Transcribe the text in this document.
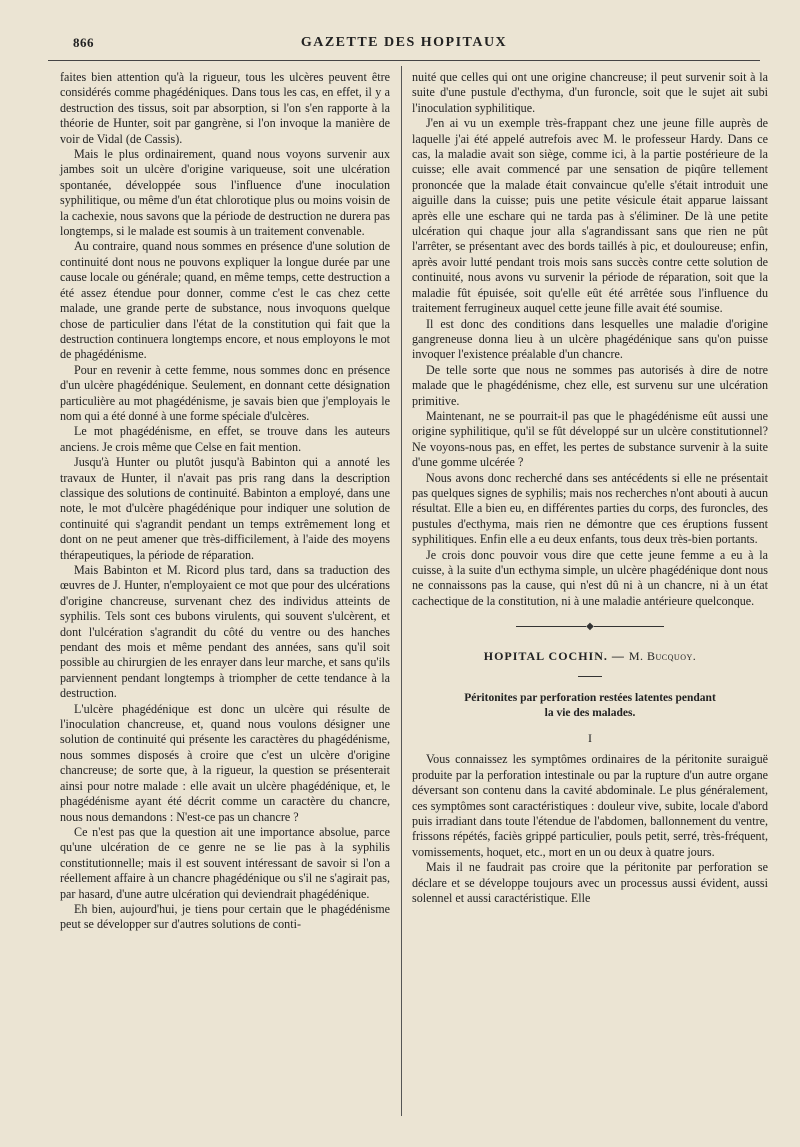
866	GAZETTE DES HOPITAUX

faites bien attention qu'à la rigueur, tous les ulcères peuvent être considérés comme phagédéniques. Dans tous les cas, en effet, il y a destruction des tissus, soit par absorption, si l'on s'en rapporte à la théorie de Hunter, soit par gangrène, si l'on invoque la manière de voir de Vidal (de Cassis).

Mais le plus ordinairement, quand nous voyons survenir aux jambes soit un ulcère d'origine variqueuse, soit une ulcération spontanée, développée sous l'influence d'une inoculation syphilitique, ou même d'un état chlorotique plus ou moins voisin de la cachexie, nous savons que la période de destruction ne durera pas longtemps, si le malade est soumis à un traitement convenable.

Au contraire, quand nous sommes en présence d'une solution de continuité dont nous ne pouvons expliquer la longue durée par une cause locale ou générale; quand, en même temps, cette destruction a été assez étendue pour donner, comme c'est le cas chez cette malade, une grande perte de substance, nous invoquons quelque chose de particulier dans l'état de la constitution qui fait que la destruction continuera longtemps encore, et nous employons le mot de phagédénisme.

Pour en revenir à cette femme, nous sommes donc en présence d'un ulcère phagédénique. Seulement, en donnant cette désignation particulière au mot phagédénisme, je savais bien que j'employais le nom qui a été donné à une forme spéciale d'ulcères.

Le mot phagédénisme, en effet, se trouve dans les auteurs anciens. Je crois même que Celse en fait mention.

Jusqu'à Hunter ou plutôt jusqu'à Babinton qui a annoté les travaux de Hunter, il n'avait pas pris rang dans la description classique des solutions de continuité. Babinton a employé, dans une note, le mot d'ulcère phagédénique pour indiquer une solution de continuité qui s'agrandit pendant un temps extrêmement long et dont on ne peut amener que très-difficilement, à l'aide des moyens thérapeutiques, la période de réparation.

Mais Babinton et M. Ricord plus tard, dans sa traduction des œuvres de J. Hunter, n'employaient ce mot que pour des ulcérations d'origine chancreuse, survenant chez des individus atteints de syphilis. Tels sont ces bubons virulents, qui souvent s'ulcèrent, et dont l'ulcération s'agrandit du côté du ventre ou des hanches pendant des mois et même pendant des années, sans qu'il soit possible au chirurgien de les enrayer dans leur marche, et sans qu'ils parviennent pendant longtemps à triompher de cette tendance à la destruction.

L'ulcère phagédénique est donc un ulcère qui résulte de l'inoculation chancreuse, et, quand nous voulons désigner une solution de continuité qui présente les caractères du phagédénisme, nous sommes disposés à croire que c'est un ulcère d'origine chancreuse; de sorte que, à la rigueur, la question se présenterait ainsi pour notre malade : elle avait un ulcère phagédénique, et, le phagédénisme ayant été décrit comme un caractère du chancre, nous nous demandons : N'est-ce pas un chancre ?

Ce n'est pas que la question ait une importance absolue, parce qu'une ulcération de ce genre ne se lie pas à la syphilis constitutionnelle; mais il est souvent intéressant de savoir si l'on a réellement affaire à un chancre phagédénique ou s'il ne s'agirait pas, par hasard, d'une autre ulcération qui deviendrait phagédénique.

Eh bien, aujourd'hui, je tiens pour certain que le phagédénisme peut se développer sur d'autres solutions de conti-

nuité que celles qui ont une origine chancreuse; il peut survenir soit à la suite d'une pustule d'ecthyma, d'un furoncle, soit que le sujet ait subi l'inoculation syphilitique.

J'en ai vu un exemple très-frappant chez une jeune fille auprès de laquelle j'ai été appelé autrefois avec M. le professeur Hardy. Dans ce cas, la maladie avait son siège, comme ici, à la partie postérieure de la cuisse; elle avait commencé par une sensation de piqûre tellement prononcée que la malade était convaincue qu'elle s'était introduit une aiguille dans la cuisse; puis une petite vésicule était apparue laissant après elle une eschare qui ne tarda pas à s'éliminer. De là une petite ulcération qui chaque jour alla s'agrandissant sans que rien ne pût l'arrêter, se présentant avec des bords taillés à pic, et douloureuse; enfin, après avoir lutté pendant trois mois sans succès contre cette solution de continuité, nous avons vu survenir la période de réparation, soit que la maladie fût épuisée, soit qu'elle eût été arrêtée sous l'influence du traitement ferrugineux auquel cette jeune fille avait été soumise.

Il est donc des conditions dans lesquelles une maladie d'origine gangreneuse donna lieu à un ulcère phagédénique sans qu'on puisse invoquer l'existence préalable d'un chancre.

De telle sorte que nous ne sommes pas autorisés à dire de notre malade que le phagédénisme, chez elle, est survenu sur une ulcération primitive.

Maintenant, ne se pourrait-il pas que le phagédénisme eût aussi une origine syphilitique, qu'il se fût développé sur un ulcère constitutionnel? Ne voyons-nous pas, en effet, les pertes de substance survenir à la suite d'une gomme ulcérée ?

Nous avons donc recherché dans ses antécédents si elle ne présentait pas quelques signes de syphilis; mais nos recherches n'ont abouti à aucun résultat. Elle a bien eu, en différentes parties du corps, des furoncles, des pustules d'ecthyma, mais rien ne démontre que ces éruptions fussent syphilitiques. Enfin elle a eu deux enfants, tous deux très-bien portants.

Je crois donc pouvoir vous dire que cette jeune femme a eu à la cuisse, à la suite d'un ecthyma simple, un ulcère phagédénique dont nous ne connaissons pas la cause, qui n'est dû ni à un chancre, ni à un état cachectique de la constitution, ni à une maladie antérieure quelconque.

◆
HOPITAL COCHIN. — M. Bucquoy.
Péritonites par perforation restées latentes pendant
la vie des malades.
I

Vous connaissez les symptômes ordinaires de la péritonite suraiguë produite par la perforation intestinale ou par la rupture d'un autre organe déversant son contenu dans la cavité abdominale. Le plus généralement, ces symptômes sont caractéristiques : douleur vive, subite, locale d'abord puis irradiant dans toute l'étendue de l'abdomen, ballonnement du ventre, frissons répétés, faciès grippé particulier, pouls petit, serré, très-fréquent, vomissements, hoquet, etc., mort en un ou deux à quatre jours.

Mais il ne faudrait pas croire que la péritonite par perforation se déclare et se développe toujours avec un processus aussi évident, aussi solennel et aussi caractéristique. Elle
